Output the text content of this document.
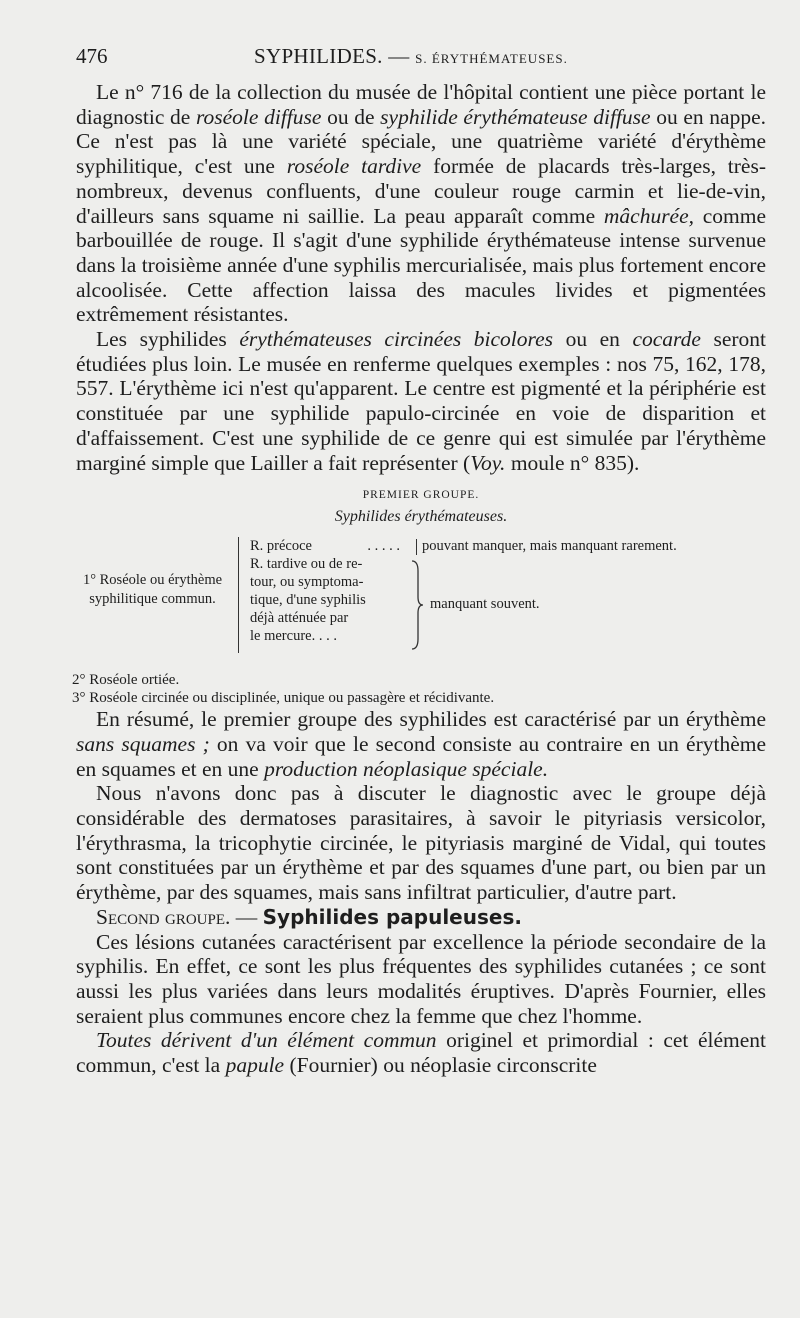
476	SYPHILIDES. — S. ÉRYTHÉMATEUSES.

Le n° 716 de la collection du musée de l'hôpital contient une pièce portant le diagnostic de roséole diffuse ou de syphilide érythémateuse diffuse ou en nappe. Ce n'est pas là une variété spéciale, une quatrième variété d'érythème syphilitique, c'est une roséole tardive formée de placards très-larges, très-nombreux, devenus confluents, d'une couleur rouge carmin et lie-de-vin, d'ailleurs sans squame ni saillie. La peau apparaît comme mâchurée, comme barbouillée de rouge. Il s'agit d'une syphilide érythémateuse intense survenue dans la troisième année d'une syphilis mercurialisée, mais plus fortement encore alcoolisée. Cette affection laissa des macules livides et pigmentées extrêmement résistantes.

Les syphilides érythémateuses circinées bicolores ou en cocarde seront étudiées plus loin. Le musée en renferme quelques exemples : nos 75, 162, 178, 557. L'érythème ici n'est qu'apparent. Le centre est pigmenté et la périphérie est constituée par une syphilide papulo-circinée en voie de disparition et d'affaissement. C'est une syphilide de ce genre qui est simulée par l'érythème marginé simple que Lailler a fait représenter (Voy. moule n° 835).

PREMIER GROUPE.
Syphilides érythémateuses.
1° Roséole ou érythème
syphilitique commun.
R. précoce	. . . . .
R. tardive ou de re-
tour, ou symptoma-
tique, d'une syphilis
déjà atténuée par
le mercure. . . .
pouvant manquer, mais manquant rarement.
manquant souvent.
2° Roséole ortiée.
3° Roséole circinée ou disciplinée, unique ou passagère et récidivante.

En résumé, le premier groupe des syphilides est caractérisé par un érythème sans squames ; on va voir que le second consiste au contraire en un érythème en squames et en une production néoplasique spéciale.

Nous n'avons donc pas à discuter le diagnostic avec le groupe déjà considérable des dermatoses parasitaires, à savoir le pityriasis versicolor, l'érythrasma, la tricophytie circinée, le pityriasis marginé de Vidal, qui toutes sont constituées par un érythème et par des squames d'une part, ou bien par un érythème, par des squames, mais sans infiltrat particulier, d'autre part.

Second groupe. — Syphilides papuleuses.

Ces lésions cutanées caractérisent par excellence la période secondaire de la syphilis. En effet, ce sont les plus fréquentes des syphilides cutanées ; ce sont aussi les plus variées dans leurs modalités éruptives. D'après Fournier, elles seraient plus communes encore chez la femme que chez l'homme.

Toutes dérivent d'un élément commun originel et primordial : cet élément commun, c'est la papule (Fournier) ou néoplasie circonscrite
